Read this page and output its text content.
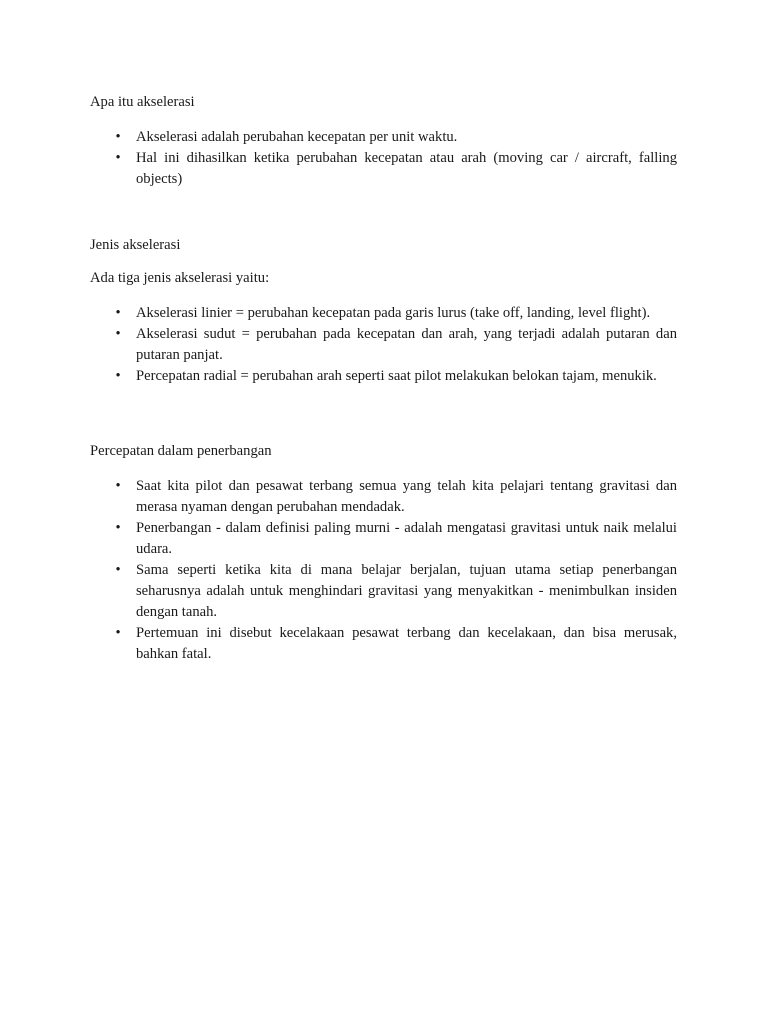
Apa itu akselerasi

•	Akselerasi adalah perubahan kecepatan per unit waktu.
•	Hal ini dihasilkan ketika perubahan kecepatan atau arah (moving car / aircraft, falling objects)

Jenis akselerasi

Ada tiga jenis akselerasi yaitu:

•	Akselerasi linier = perubahan kecepatan pada garis lurus (take off, landing, level flight).
•	Akselerasi sudut = perubahan pada kecepatan dan arah, yang terjadi adalah putaran dan putaran panjat.
•	Percepatan radial = perubahan arah seperti saat pilot melakukan belokan tajam, menukik.

Percepatan dalam penerbangan

•	Saat kita pilot dan pesawat terbang semua yang telah kita pelajari tentang gravitasi dan merasa nyaman dengan perubahan mendadak.
•	Penerbangan - dalam definisi paling murni - adalah mengatasi gravitasi untuk naik melalui udara.
•	Sama seperti ketika kita di mana belajar berjalan, tujuan utama setiap penerbangan seharusnya adalah untuk menghindari gravitasi yang menyakitkan - menimbulkan insiden dengan tanah.
•	Pertemuan ini disebut kecelakaan pesawat terbang dan kecelakaan, dan bisa merusak, bahkan fatal.
